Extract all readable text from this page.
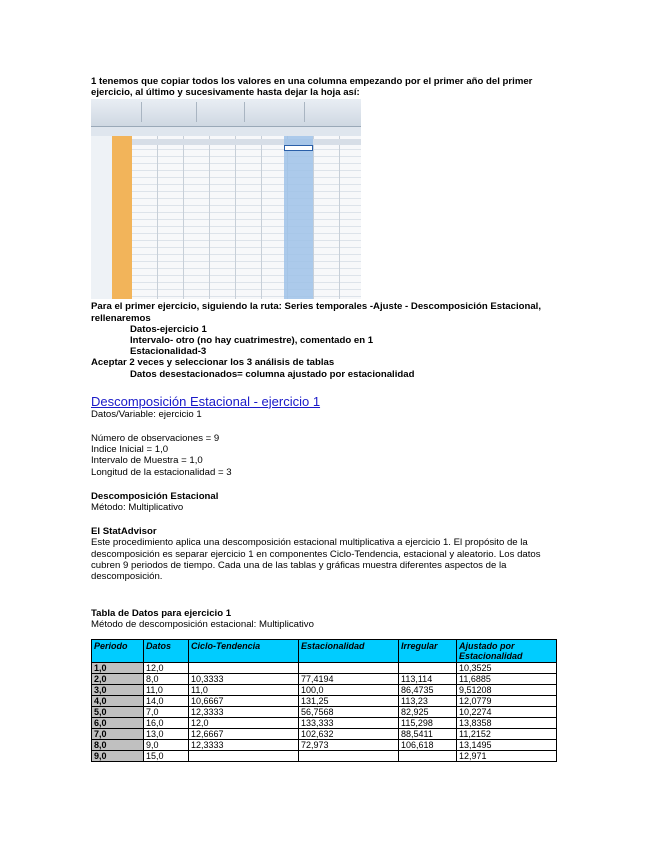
1 tenemos que copiar todos los valores en una columna empezando por el primer año del primer

ejercicio, al último y sucesivamente hasta dejar la hoja así:

Para el primer ejercicio, siguiendo la ruta: Series temporales -Ajuste - Descomposición Estacional,

rellenaremos

Datos-ejercicio 1

Intervalo- otro (no hay cuatrimestre), comentado en 1

Estacionalidad-3

Aceptar 2 veces y seleccionar los 3 análisis de tablas

Datos desestacionados= columna ajustado por estacionalidad

Descomposición Estacional - ejercicio 1

Datos/Variable: ejercicio 1

Número de observaciones = 9

Indice Inicial = 1,0

Intervalo de Muestra = 1,0

Longitud de la estacionalidad = 3

Descomposición Estacional

Método: Multiplicativo

El StatAdvisor

Este procedimiento aplica una descomposición estacional multiplicativa a ejercicio 1. El propósito de la descomposición es separar ejercicio 1 en componentes Ciclo-Tendencia, estacional y aleatorio. Los datos cubren 9 periodos de tiempo. Cada una de las tablas y gráficas muestra diferentes aspectos de la descomposición.

Tabla de Datos para ejercicio 1

Método de descomposición estacional: Multiplicativo

Periodo	Datos	Ciclo-Tendencia	Estacionalidad	Irregular	Ajustado por Estacionalidad
1,0	12,0				10,3525
2,0	8,0	10,3333	77,4194	113,114	11,6885
3,0	11,0	11,0	100,0	86,4735	9,51208
4,0	14,0	10,6667	131,25	113,23	12,0779
5,0	7,0	12,3333	56,7568	82,925	10,2274
6,0	16,0	12,0	133,333	115,298	13,8358
7,0	13,0	12,6667	102,632	88,5411	11,2152
8,0	9,0	12,3333	72,973	106,618	13,1495
9,0	15,0				12,971
